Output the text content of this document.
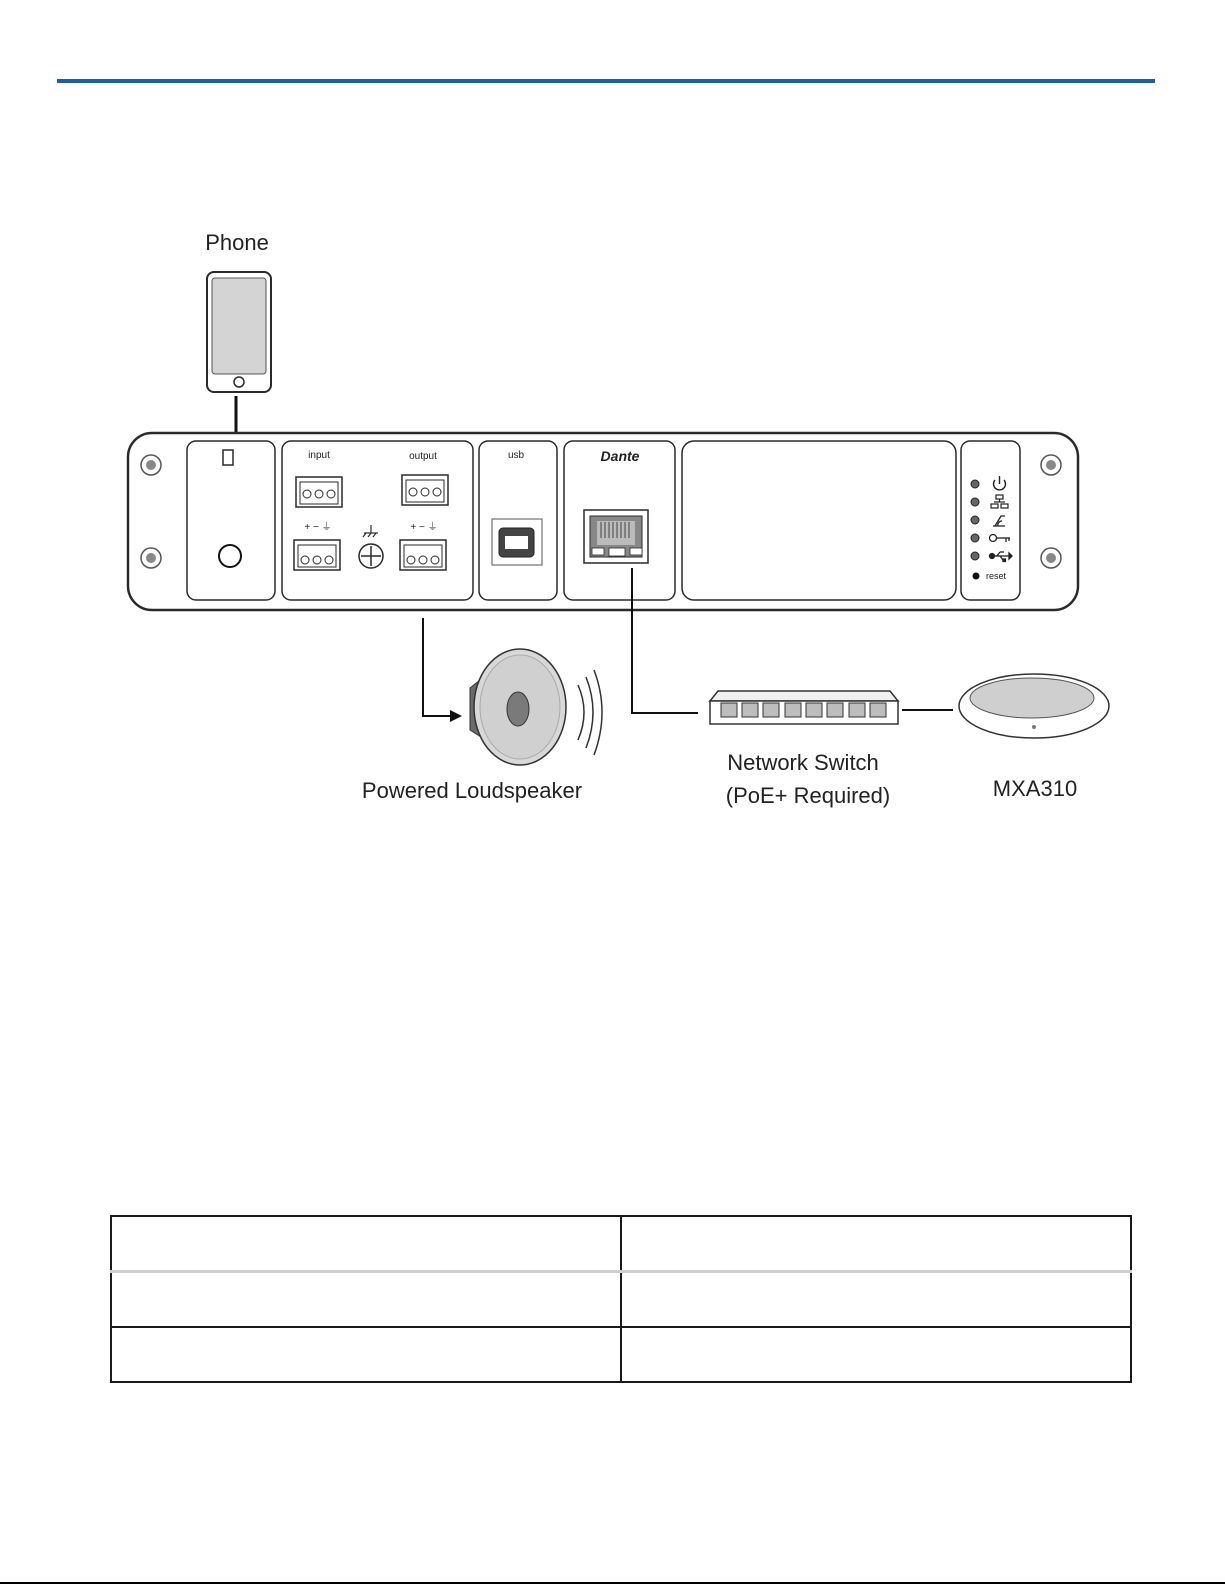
Phone
input	output
+ − ⏚	+ − ⏚
usb	Dante
reset
Powered Loudspeaker
Network Switch
(PoE+ Required)	MXA310
